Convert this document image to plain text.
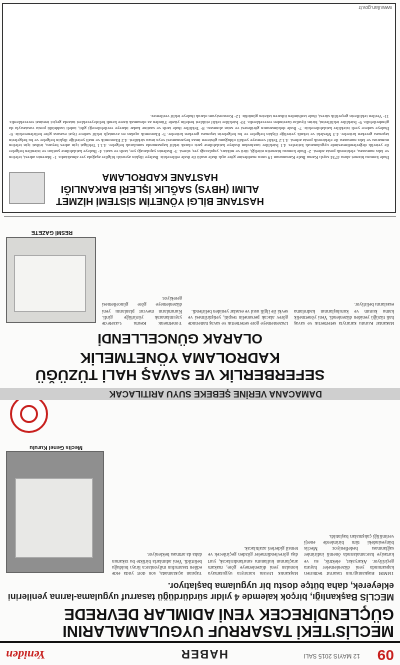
09
12 MAYIS 2015 SALI
HABER
Yeniden
MECLİS'TEKİ TASARRUF UYGULAMALARINI GÜÇLENDİRECEK YENİ ADIMLAR DEVREDE
MECLİS Başkanlığı, birçok kalemde 4 yıldır sürdürdüğü tasarruf uygulama-larına yenilerini ekleyerek, daha bütçe dostu bir uygulama başlatıyor.
TBMM Başkanlığı'nın tasarruf tedbirleri kapsamında yeni düzenlemeler hayata geçiriliyor. Akaryakıt, elektrik, su ve kırtasiye harcamalarında önemli indirimler sağlanması hedefleniyor. Meclis bünyesindeki tüm birimlerde enerji verimliliği çalışmaları başlatıldı.
Başkanlık Divanı kararıyla uygulamaya konulan yeni düzenlemeye göre, makam araçlarının kullanımı sınırlandırılacak, yurt dışı görevlendirmeler gözden geçirilecek ve temsil giderleri azaltılacak.
Yapılan açıklamada, son dört yılda elde edilen tasarrufun milyonlarca lirayı bulduğu belirtildi. Yeni adımlarla birlikte bu rakamın daha da artması bekleniyor.
Meclis Genel Kurulu
DAMACANA VERİNE ŞEBEKE SUYU ARITILACAK
SEFERBERLİK VE SAVAŞ HALİ TÜZÜĞÜ KADROLAMA YÖNETMELİK
OLARAK GÜNCELLENDİ
Bakanlar Kurulu kararıyla seferberlik ve savaş hali tüzüğü yeniden düzenlendi. Yeni yönetmelik kamu kurum ve kuruluşlarının kadrolama esaslarını belirliyor.
Düzenlemeye göre seferberlik ve savaş hallerinde görev alacak personelin tespiti, yetiştirilmesi ve sevki ile ilgili usul ve esaslar yeniden belirlendi.
Yönetmelik Resmi Gazete'de yayımlanarak yürürlüğe girdi. Kurumların mevcut planlarını yeni düzenlemeye göre güncellemesi gerekiyor.
RESMİ GAZETE
HASTANE BİLGİ YÖNETİM SİSTEMİ HİZMET ALIMI (HBYS) SAĞLIK İŞLERİ BAKANLIĞI HASTANE KADROLAMA
İhale konusu hizmet alımı 4734 sayılı Kamu İhale Kanununun 19 uncu maddesine göre açık ihale usulü ile ihale edilecektir. İhaleye ilişkin ayrıntılı bilgiler aşağıda yer almaktadır. 1- İdarenin adresi, telefon ve faks numarası, elektronik posta adresi. 2- İhale konusu hizmetin niteliği, türü ve miktarı, yapılacağı yer, süresi. 3- İhalenin yapılacağı yer, tarih ve saati. 4- İhaleye katılabilme şartları ve istenilen belgeler ile yeterlik değerlendirmesinde uygulanacak kriterler. 4.1 İstekliler tarafından ihaleye katılabilme şartı olarak teklif kapsamında sunulacak belgeler. 4.1.1 Tebligat için adres beyanı, irtibat için telefon numarası ve faks numarası ile elektronik posta adresi. 4.1.2 Teklif vermeye yetkili olduğunu gösteren imza beyannamesi veya imza sirküleri. 4.2 Ekonomik ve mali yeterliğe ilişkin belgeler ve bu belgelerin taşıması gereken kriterler. 4.3 Mesleki ve teknik yeterliğe ilişkin belgeler ve bu belgelerin taşıması gereken kriterler. 5- Ekonomik açıdan en avantajlı teklif sadece fiyat esasına göre belirlenecektir. 6- İhaleye sadece yerli istekliler katılabilecektir. 7- İhale dokümanının görülmesi ve satın alınması. 8- Teklifler ihale tarih ve saatine kadar idareye verilebileceği gibi, iadeli taahhütlü posta vasıtasıyla da gönderilebilir. 9- İstekliler tekliflerini, birim fiyatlar üzerinden vereceklerdir. 10- İstekliler teklif ettikleri bedelin yüzde 3'ünden az olmamak üzere kendi belirleyecekleri tutarda geçici teminat vereceklerdir. 11- Verilen tekliflerin geçerlilik süresi, ihale tarihinden itibaren takvim günüdür. 12- Konsorsiyum olarak ihaleye teklif verilemez.
www.ilan.gov.tr
